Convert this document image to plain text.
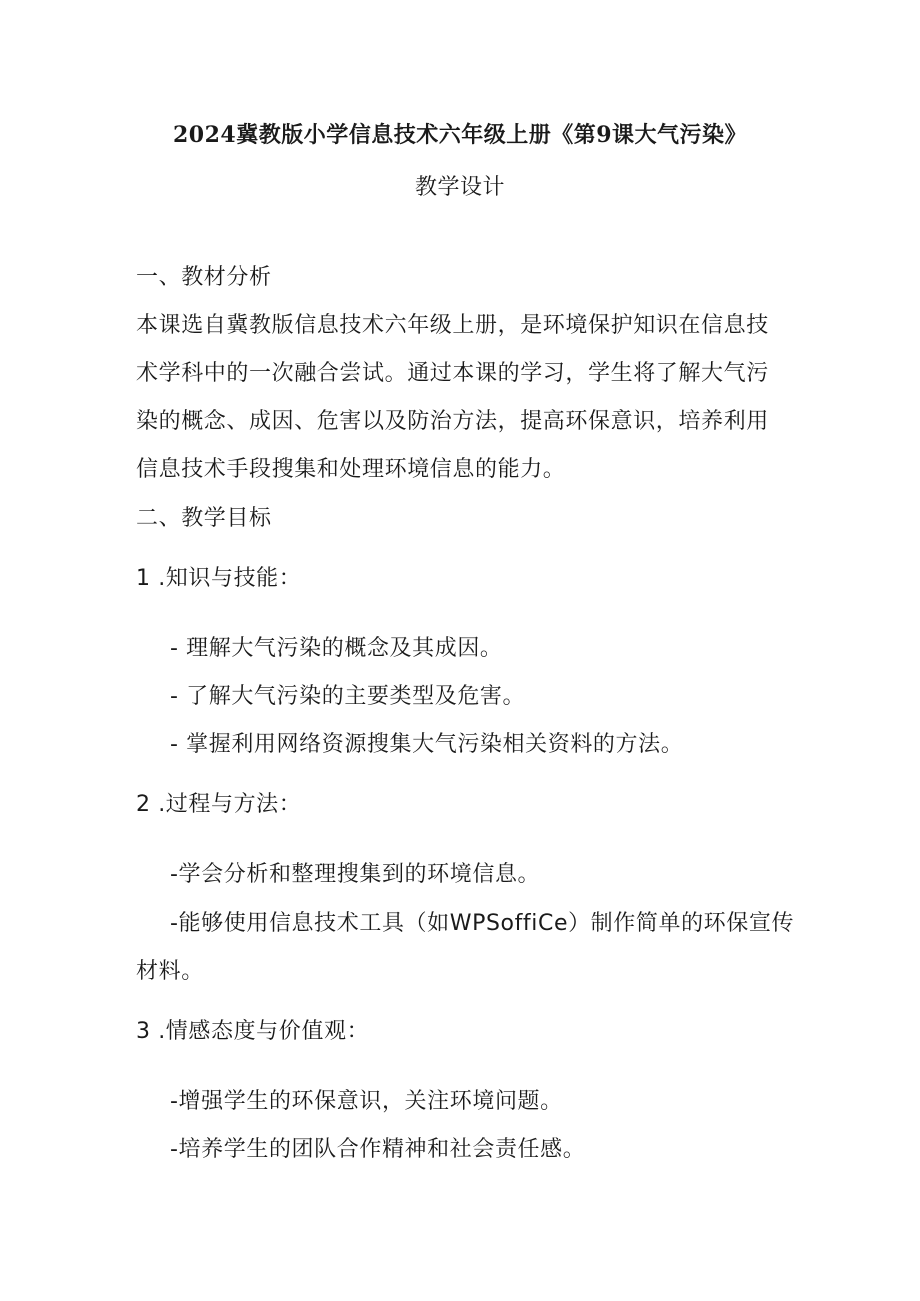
2024冀教版小学信息技术六年级上册《第9课大气污染》
教学设计
一、教材分析
本课选自冀教版信息技术六年级上册，是环境保护知识在信息技
术学科中的一次融合尝试。通过本课的学习，学生将了解大气污
染的概念、成因、危害以及防治方法，提高环保意识，培养利用
信息技术手段搜集和处理环境信息的能力。
二、教学目标
1 .知识与技能：
- 理解大气污染的概念及其成因。
- 了解大气污染的主要类型及危害。
- 掌握利用网络资源搜集大气污染相关资料的方法。
2 .过程与方法：
-学会分析和整理搜集到的环境信息。
-能够使用信息技术工具（如WPSoffiCe）制作简单的环保宣传
材料。
3 .情感态度与价值观：
-增强学生的环保意识，关注环境问题。
-培养学生的团队合作精神和社会责任感。
